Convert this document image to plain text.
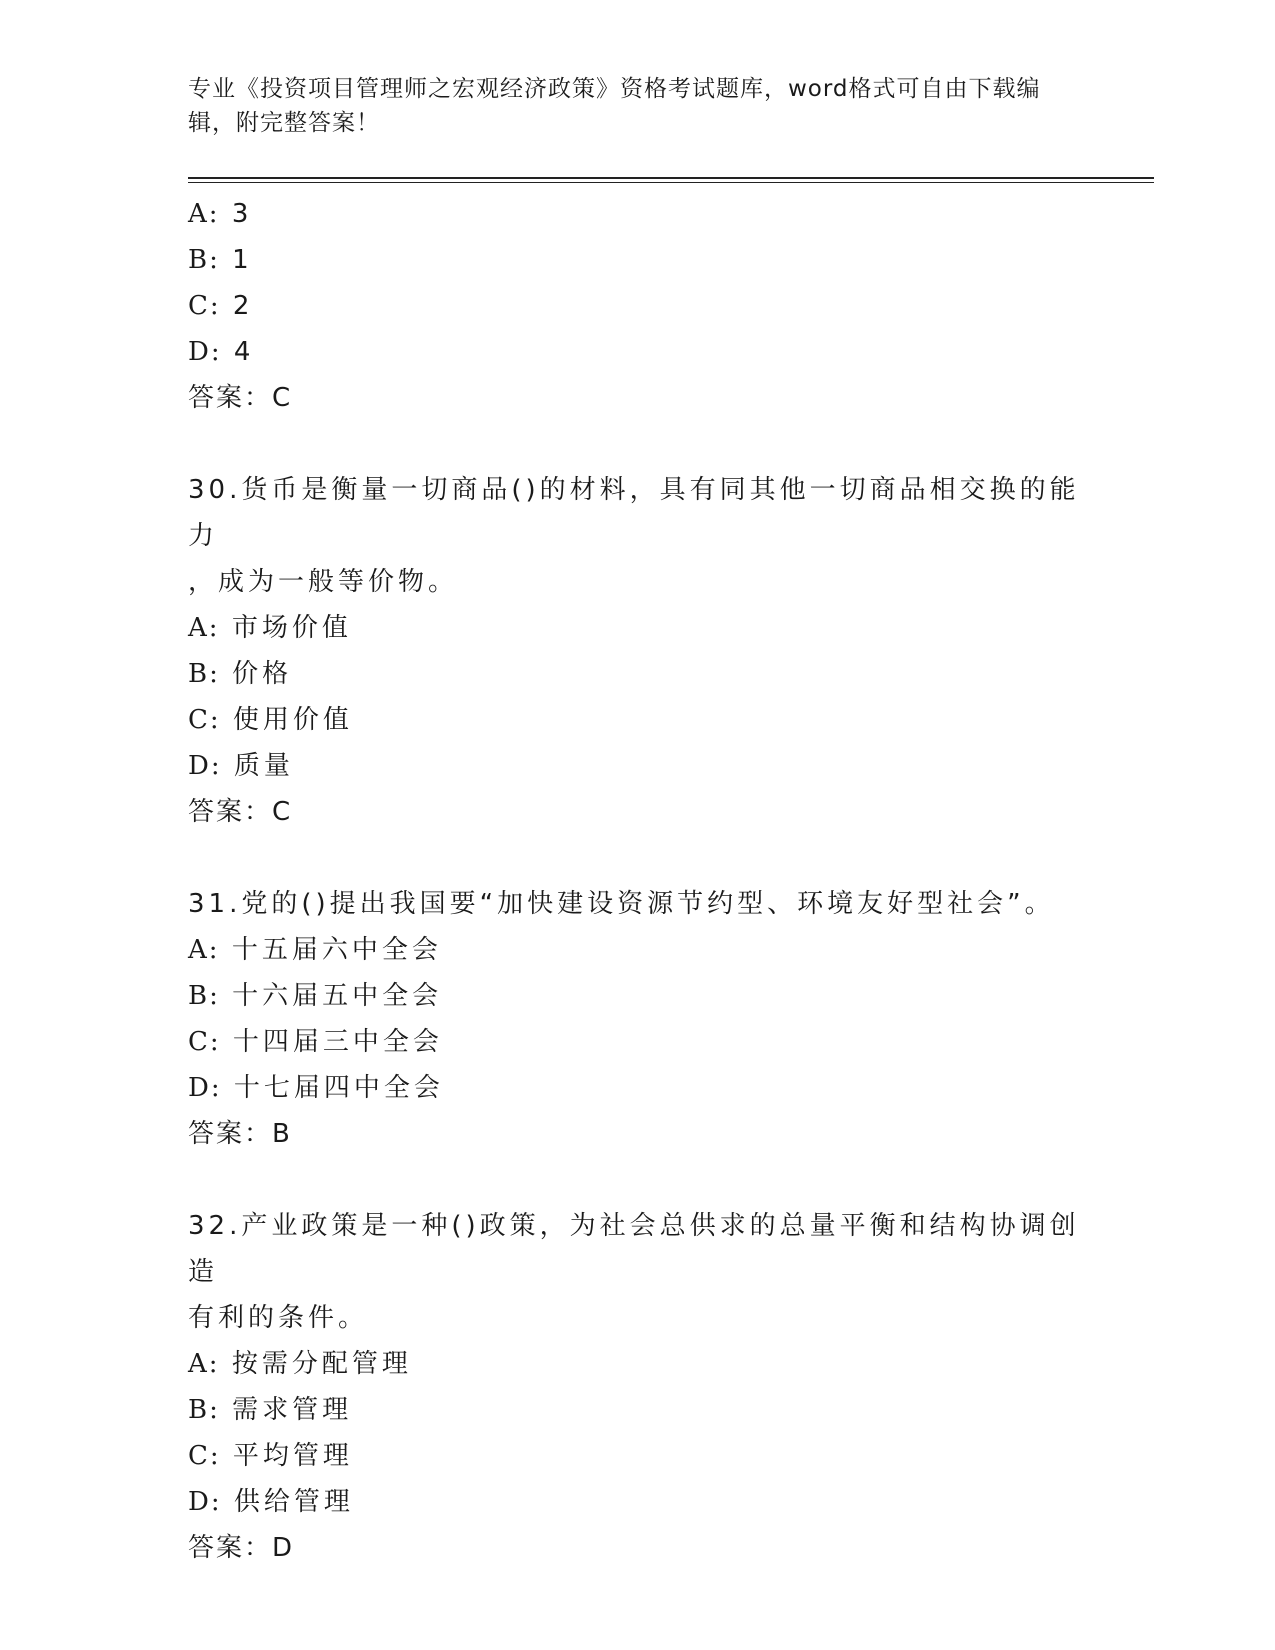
专业《投资项目管理师之宏观经济政策》资格考试题库，word格式可自由下载编
辑，附完整答案！
A: 3
B: 1
C: 2
D: 4
答案：C
30.货币是衡量一切商品()的材料，具有同其他一切商品相交换的能力
，成为一般等价物。
A: 市场价值
B: 价格
C: 使用价值
D: 质量
答案：C
31.党的()提出我国要“加快建设资源节约型、环境友好型社会”。
A: 十五届六中全会
B: 十六届五中全会
C: 十四届三中全会
D: 十七届四中全会
答案：B
32.产业政策是一种()政策，为社会总供求的总量平衡和结构协调创造
有利的条件。
A: 按需分配管理
B: 需求管理
C: 平均管理
D: 供给管理
答案：D
